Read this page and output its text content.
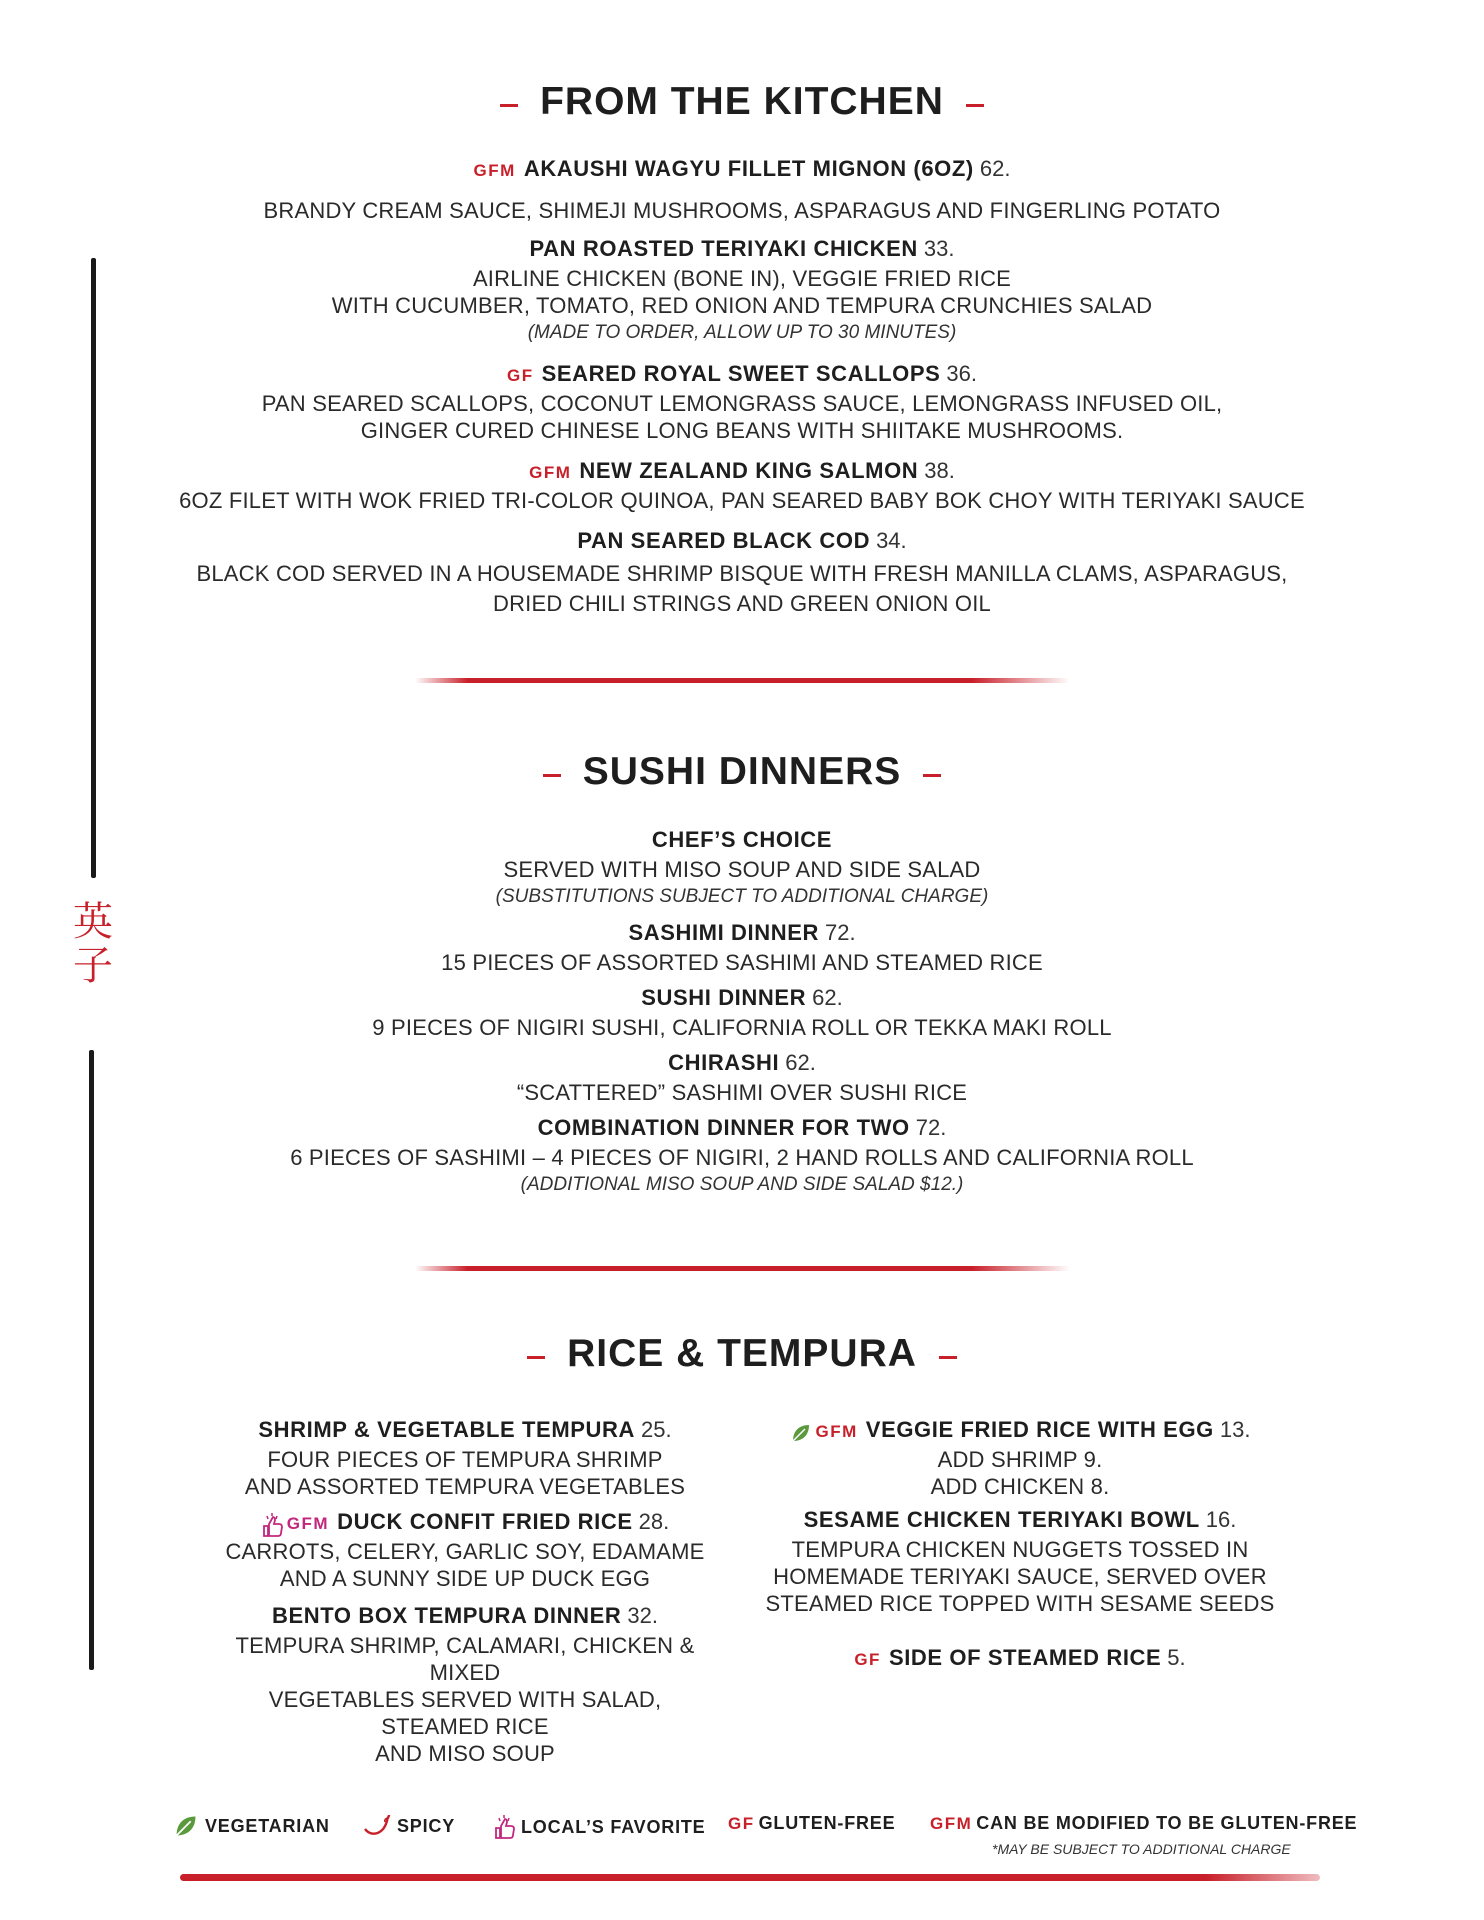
英
子
FROM THE KITCHEN
GFM AKAUSHI WAGYU FILLET MIGNON (6OZ) 62.
BRANDY CREAM SAUCE, SHIMEJI MUSHROOMS, ASPARAGUS AND FINGERLING POTATO
PAN ROASTED TERIYAKI CHICKEN 33.
AIRLINE CHICKEN (BONE IN), VEGGIE FRIED RICE
WITH CUCUMBER, TOMATO, RED ONION AND TEMPURA CRUNCHIES SALAD
(MADE TO ORDER, ALLOW UP TO 30 MINUTES)
GF SEARED ROYAL SWEET SCALLOPS 36.
PAN SEARED SCALLOPS, COCONUT LEMONGRASS SAUCE, LEMONGRASS INFUSED OIL,
GINGER CURED CHINESE LONG BEANS WITH SHIITAKE MUSHROOMS.
GFM NEW ZEALAND KING SALMON 38.
6OZ FILET WITH WOK FRIED TRI-COLOR QUINOA, PAN SEARED BABY BOK CHOY WITH TERIYAKI SAUCE
PAN SEARED BLACK COD 34.
BLACK COD SERVED IN A HOUSEMADE SHRIMP BISQUE WITH FRESH MANILLA CLAMS, ASPARAGUS,
DRIED CHILI STRINGS AND GREEN ONION OIL
SUSHI DINNERS
CHEF’S CHOICE
SERVED WITH MISO SOUP AND SIDE SALAD
(SUBSTITUTIONS SUBJECT TO ADDITIONAL CHARGE)
SASHIMI DINNER 72.
15 PIECES OF ASSORTED SASHIMI AND STEAMED RICE
SUSHI DINNER 62.
9 PIECES OF NIGIRI SUSHI, CALIFORNIA ROLL OR TEKKA MAKI ROLL
CHIRASHI 62.
“SCATTERED” SASHIMI OVER SUSHI RICE
COMBINATION DINNER FOR TWO 72.
6 PIECES OF SASHIMI – 4 PIECES OF NIGIRI, 2 HAND ROLLS AND CALIFORNIA ROLL
(ADDITIONAL MISO SOUP AND SIDE SALAD $12.)
RICE & TEMPURA
SHRIMP & VEGETABLE TEMPURA 25.
FOUR PIECES OF TEMPURA SHRIMP
AND ASSORTED TEMPURA VEGETABLES
GFM DUCK CONFIT FRIED RICE 28.
CARROTS, CELERY, GARLIC SOY, EDAMAME
AND A SUNNY SIDE UP DUCK EGG
BENTO BOX TEMPURA DINNER 32.
TEMPURA SHRIMP, CALAMARI, CHICKEN & MIXED
VEGETABLES SERVED WITH SALAD, STEAMED RICE
AND MISO SOUP
GFM VEGGIE FRIED RICE WITH EGG 13.
ADD SHRIMP 9.
ADD CHICKEN 8.
SESAME CHICKEN TERIYAKI BOWL 16.
TEMPURA CHICKEN NUGGETS TOSSED IN
HOMEMADE TERIYAKI SAUCE, SERVED OVER
STEAMED RICE TOPPED WITH SESAME SEEDS
GF SIDE OF STEAMED RICE 5.
VEGETARIAN	SPICY	LOCAL’S FAVORITE GF GLUTEN-FREE GFM CAN BE MODIFIED TO BE GLUTEN-FREE
*MAY BE SUBJECT TO ADDITIONAL CHARGE
